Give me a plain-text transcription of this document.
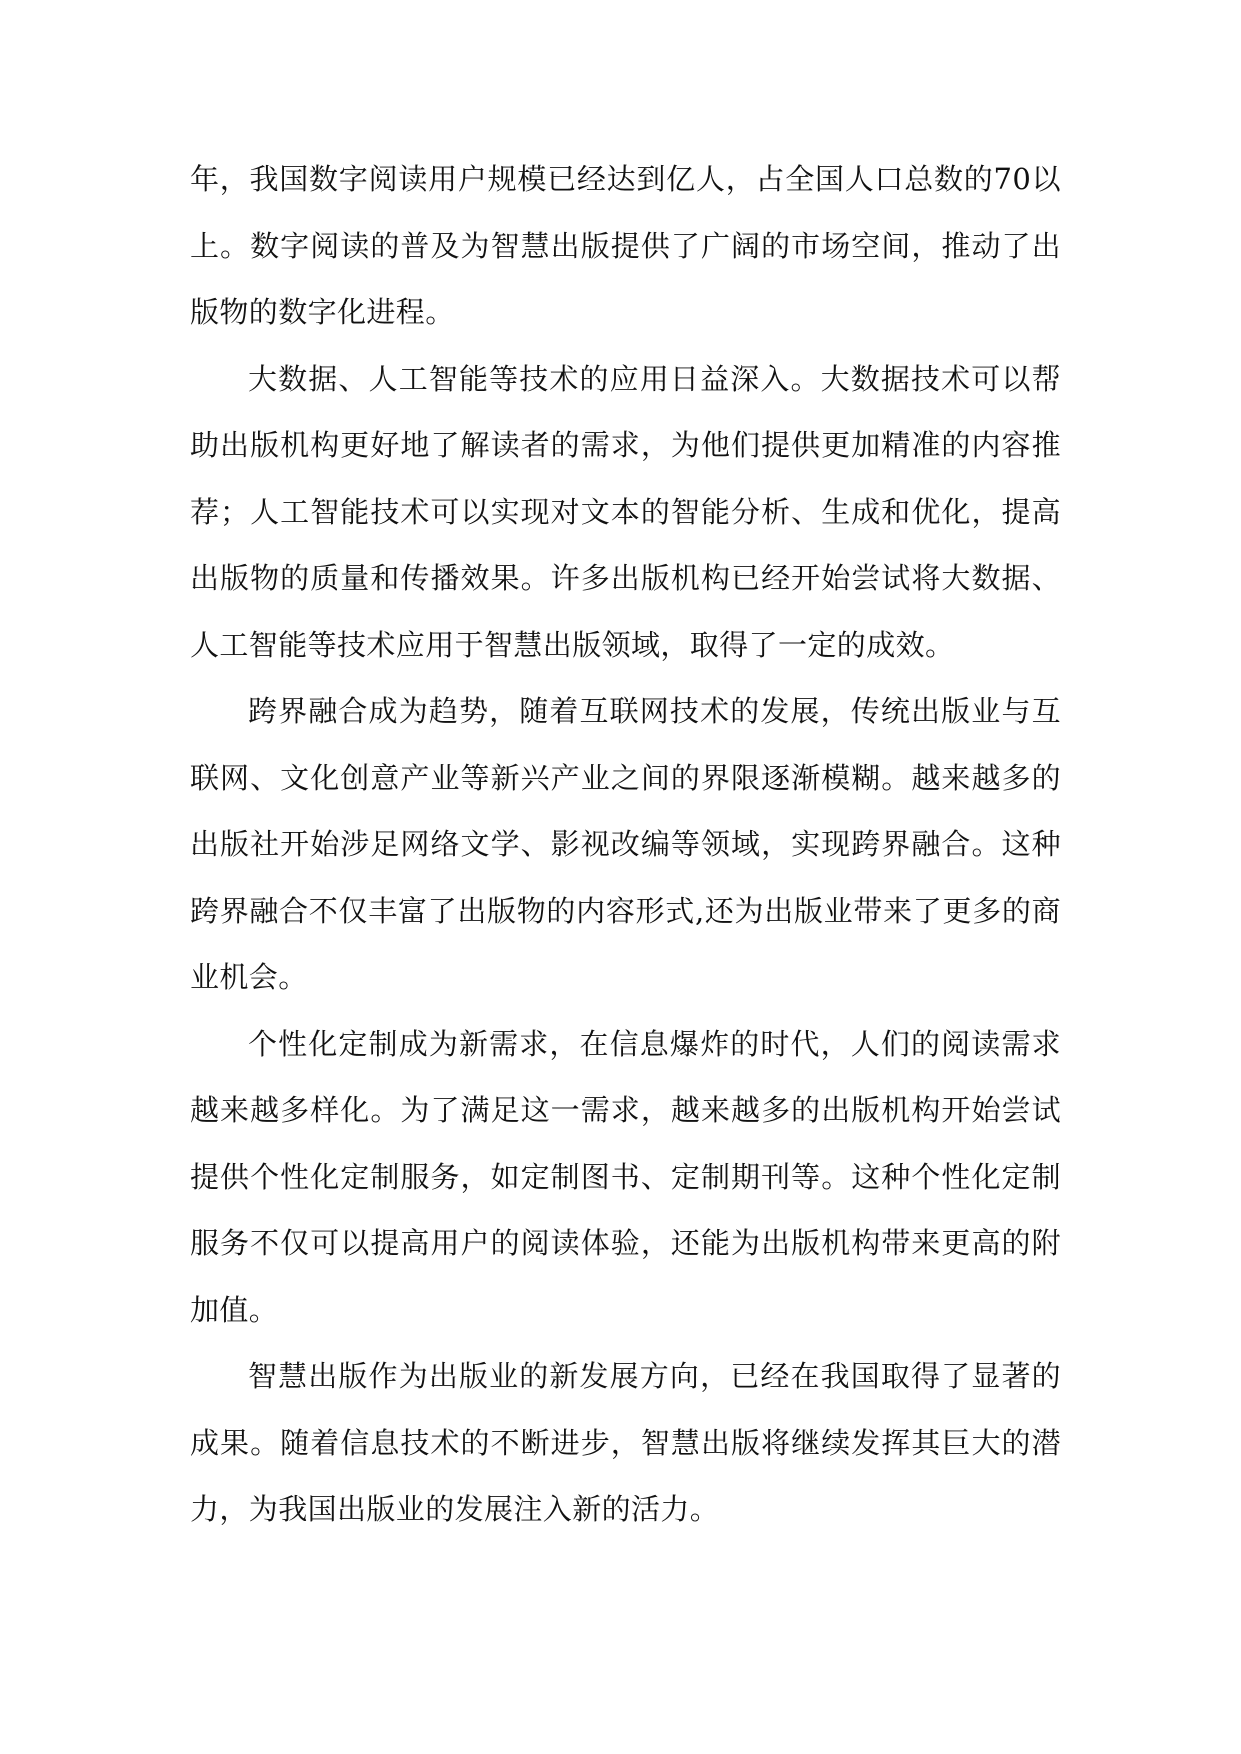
年，我国数字阅读用户规模已经达到亿人，占全国人口总数的70以上。数字阅读的普及为智慧出版提供了广阔的市场空间，推动了出版物的数字化进程。

大数据、人工智能等技术的应用日益深入。大数据技术可以帮助出版机构更好地了解读者的需求，为他们提供更加精准的内容推荐；人工智能技术可以实现对文本的智能分析、生成和优化，提高出版物的质量和传播效果。许多出版机构已经开始尝试将大数据、人工智能等技术应用于智慧出版领域，取得了一定的成效。

跨界融合成为趋势，随着互联网技术的发展，传统出版业与互联网、文化创意产业等新兴产业之间的界限逐渐模糊。越来越多的出版社开始涉足网络文学、影视改编等领域，实现跨界融合。这种跨界融合不仅丰富了出版物的内容形式,还为出版业带来了更多的商业机会。

个性化定制成为新需求，在信息爆炸的时代，人们的阅读需求越来越多样化。为了满足这一需求，越来越多的出版机构开始尝试提供个性化定制服务，如定制图书、定制期刊等。这种个性化定制服务不仅可以提高用户的阅读体验，还能为出版机构带来更高的附加值。

智慧出版作为出版业的新发展方向，已经在我国取得了显著的成果。随着信息技术的不断进步，智慧出版将继续发挥其巨大的潜力，为我国出版业的发展注入新的活力。
